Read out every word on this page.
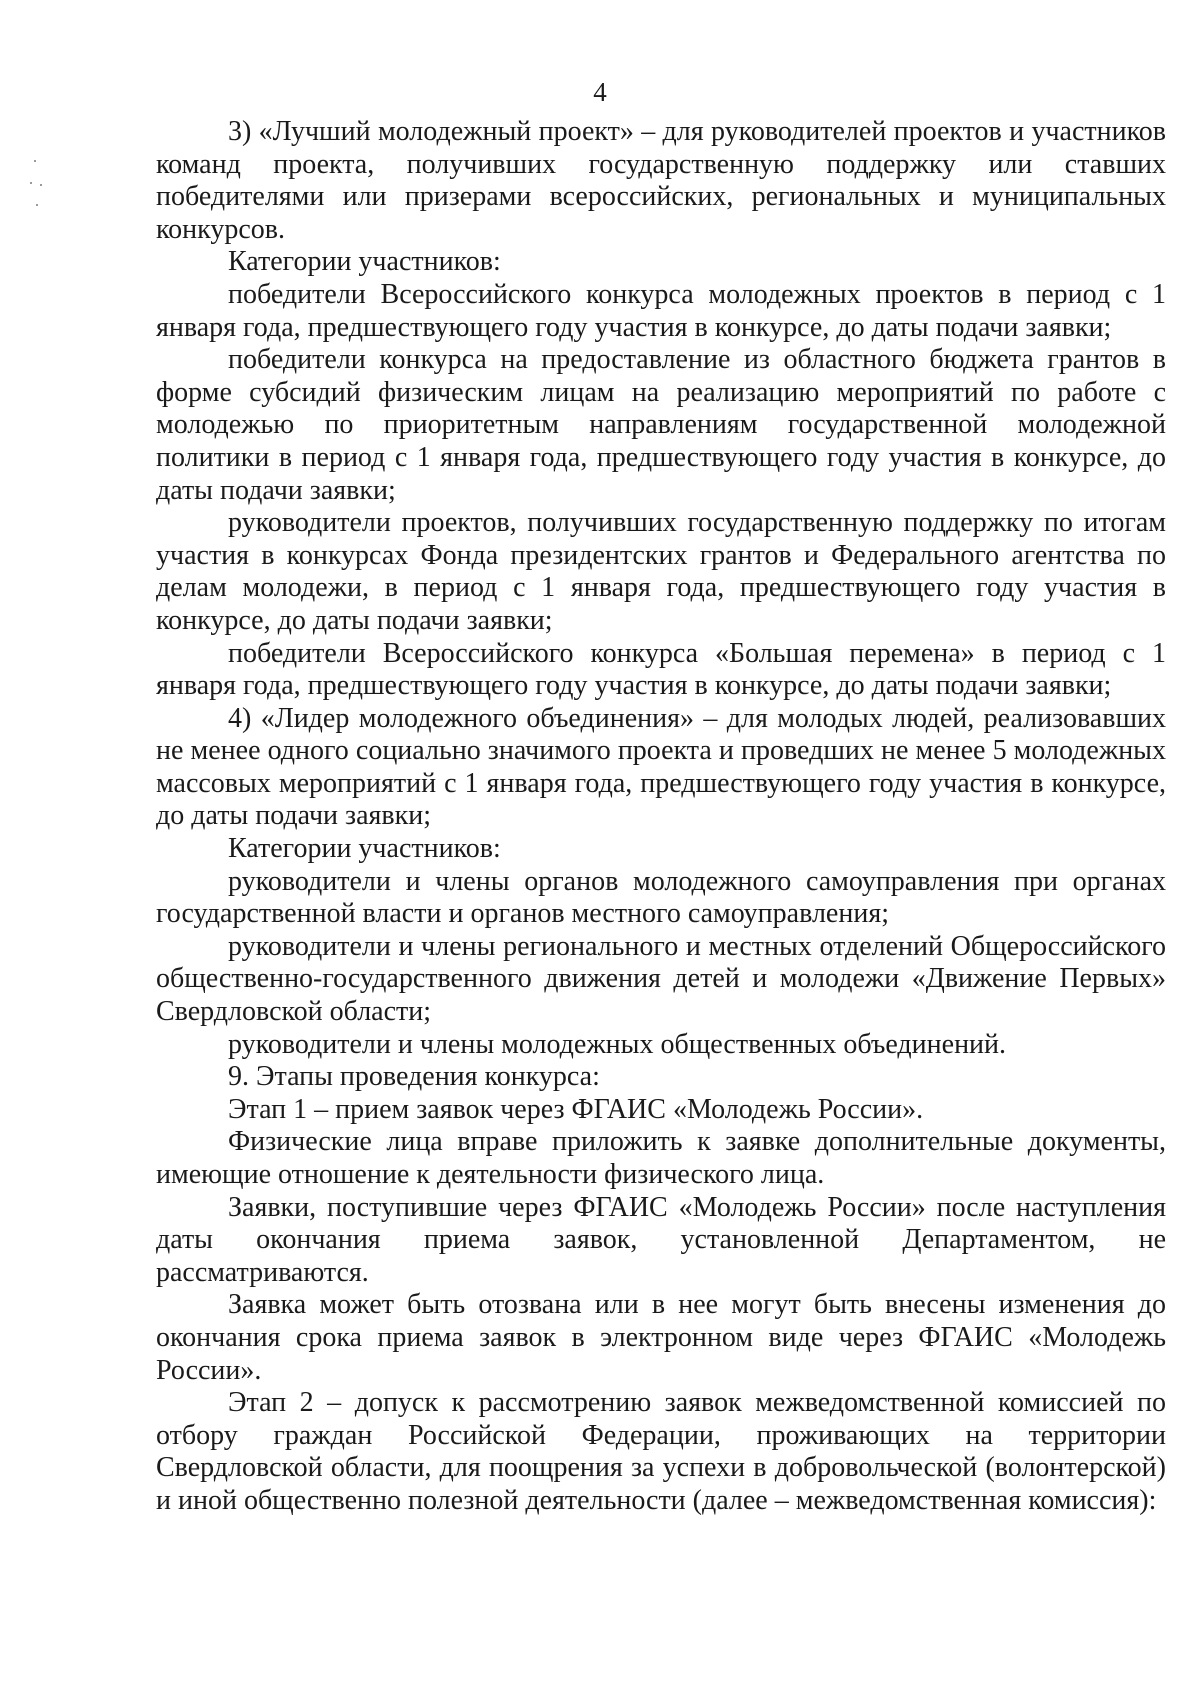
4

3) «Лучший молодежный проект» – для руководителей проектов и участников команд проекта, получивших государственную поддержку или ставших победителями или призерами всероссийских, региональных и муниципальных конкурсов.

Категории участников:

победители Всероссийского конкурса молодежных проектов в период с 1 января года, предшествующего году участия в конкурсе, до даты подачи заявки;

победители конкурса на предоставление из областного бюджета грантов в форме субсидий физическим лицам на реализацию мероприятий по работе с молодежью по приоритетным направлениям государственной молодежной политики в период с 1 января года, предшествующего году участия в конкурсе, до даты подачи заявки;

руководители проектов, получивших государственную поддержку по итогам участия в конкурсах Фонда президентских грантов и Федерального агентства по делам молодежи, в период с 1 января года, предшествующего году участия в конкурсе, до даты подачи заявки;

победители Всероссийского конкурса «Большая перемена» в период с 1 января года, предшествующего году участия в конкурсе, до даты подачи заявки;

4) «Лидер молодежного объединения» – для молодых людей, реализовавших не менее одного социально значимого проекта и проведших не менее 5 молодежных массовых мероприятий с 1 января года, предшествующего году участия в конкурсе, до даты подачи заявки;

Категории участников:

руководители и члены органов молодежного самоуправления при органах государственной власти и органов местного самоуправления;

руководители и члены регионального и местных отделений Общероссийского общественно-государственного движения детей и молодежи «Движение Первых» Свердловской области;

руководители и члены молодежных общественных объединений.

9. Этапы проведения конкурса:

Этап 1 – прием заявок через ФГАИС «Молодежь России».

Физические лица вправе приложить к заявке дополнительные документы, имеющие отношение к деятельности физического лица.

Заявки, поступившие через ФГАИС «Молодежь России» после наступления даты окончания приема заявок, установленной Департаментом, не рассматриваются.

Заявка может быть отозвана или в нее могут быть внесены изменения до окончания срока приема заявок в электронном виде через ФГАИС «Молодежь России».

Этап 2 – допуск к рассмотрению заявок межведомственной комиссией по отбору граждан Российской Федерации, проживающих на территории Свердловской области, для поощрения за успехи в добровольческой (волонтерской) и иной общественно полезной деятельности (далее – межведомственная комиссия):
